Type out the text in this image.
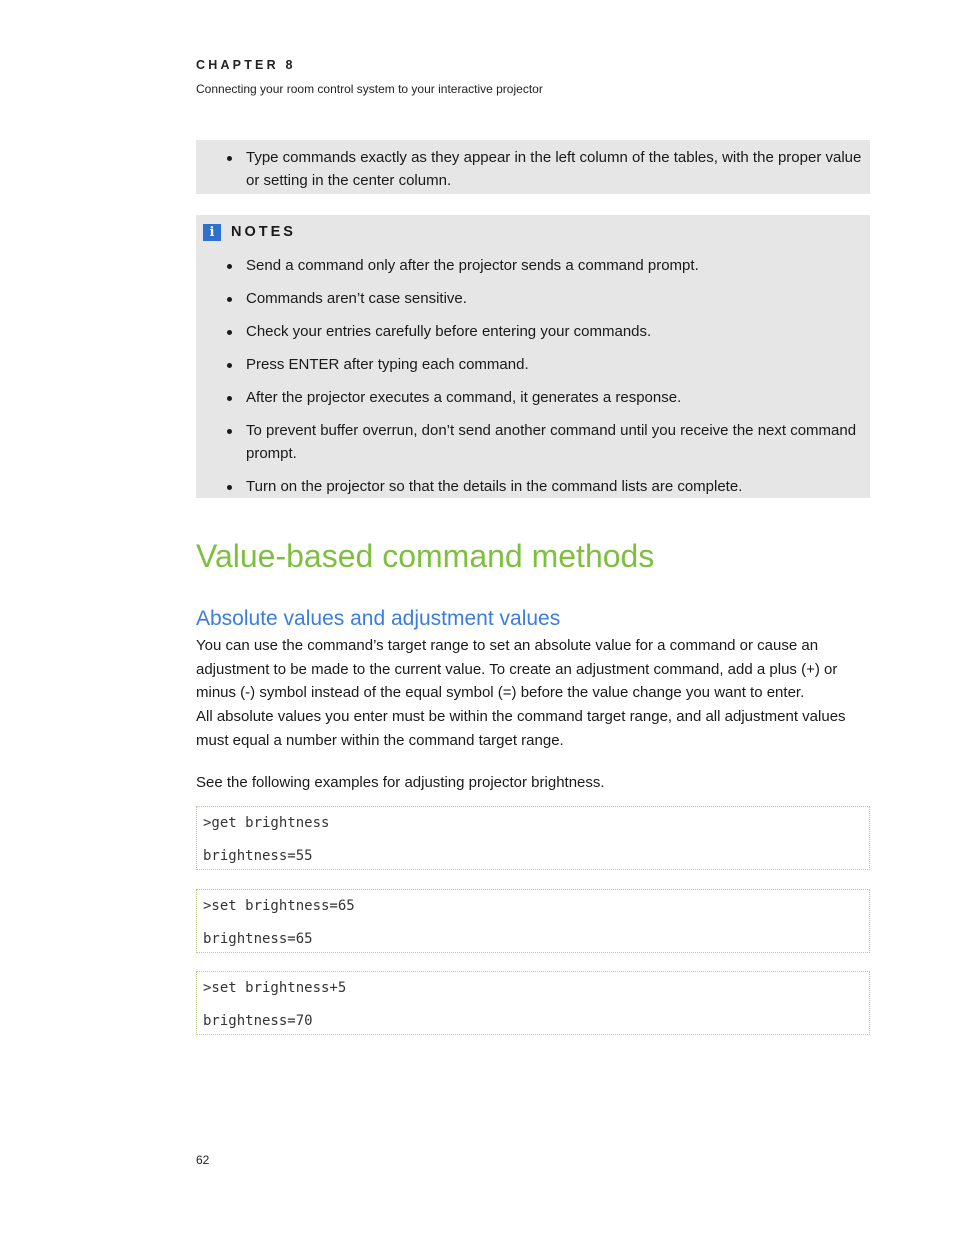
CHAPTER 8
Connecting your room control system to your interactive projector
Type commands exactly as they appear in the left column of the tables, with the proper value or setting in the center column.
i	NOTES
Send a command only after the projector sends a command prompt.
Commands aren’t case sensitive.
Check your entries carefully before entering your commands.
Press ENTER after typing each command.
After the projector executes a command, it generates a response.
To prevent buffer overrun, don’t send another command until you receive the next command prompt.
Turn on the projector so that the details in the command lists are complete.
Value-based command methods
Absolute values and adjustment values

You can use the command’s target range to set an absolute value for a command or cause an adjustment to be made to the current value. To create an adjustment command, add a plus (+) or minus (-) symbol instead of the equal symbol (=) before the value change you want to enter.

All absolute values you enter must be within the command target range, and all adjustment values must equal a number within the command target range.

See the following examples for adjusting projector brightness.

>get brightness
brightness=55
>set brightness=65
brightness=65
>set brightness+5
brightness=70
62
